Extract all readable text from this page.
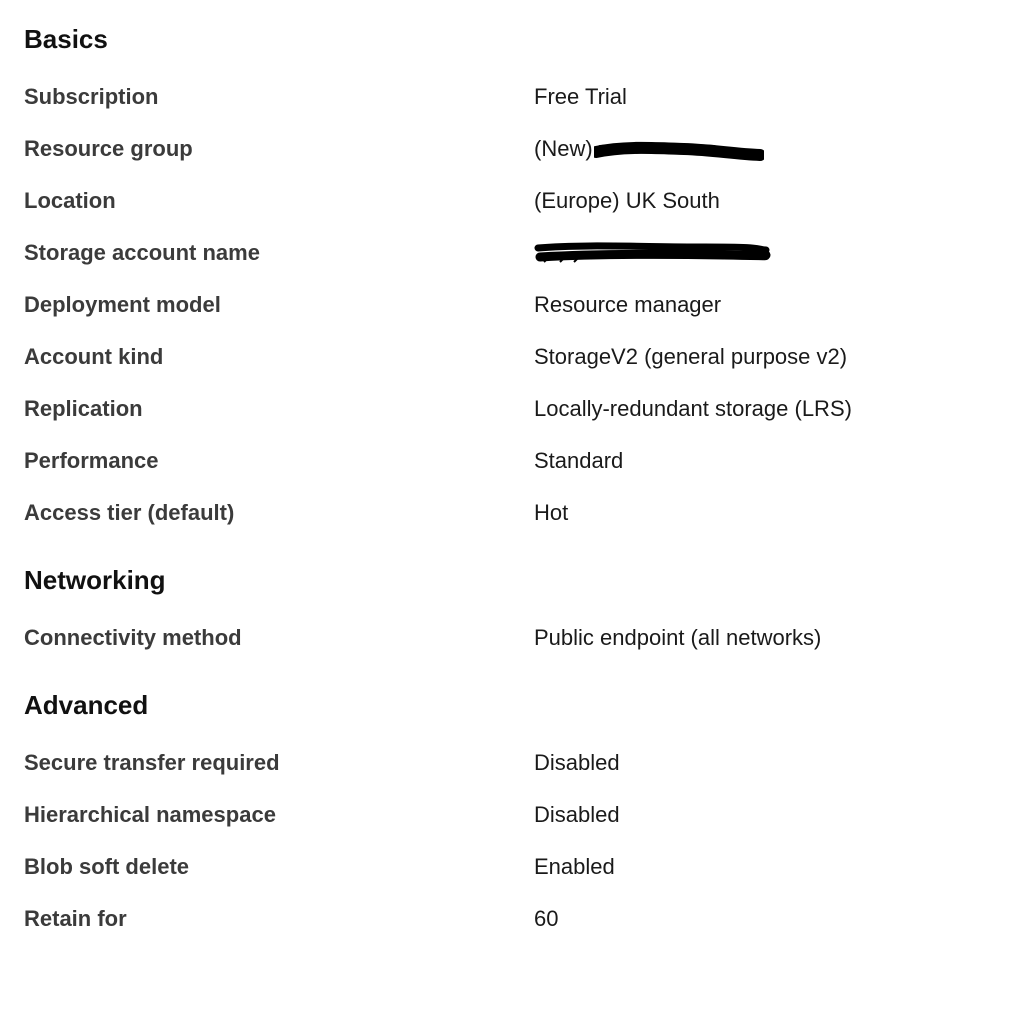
Basics
Subscription	Free Trial
Resource group	(New)
Location	(Europe) UK South
Storage account name
Deployment model	Resource manager
Account kind	StorageV2 (general purpose v2)
Replication	Locally-redundant storage (LRS)
Performance	Standard
Access tier (default)	Hot
Networking
Connectivity method	Public endpoint (all networks)
Advanced
Secure transfer required	Disabled
Hierarchical namespace	Disabled
Blob soft delete	Enabled
Retain for	60
